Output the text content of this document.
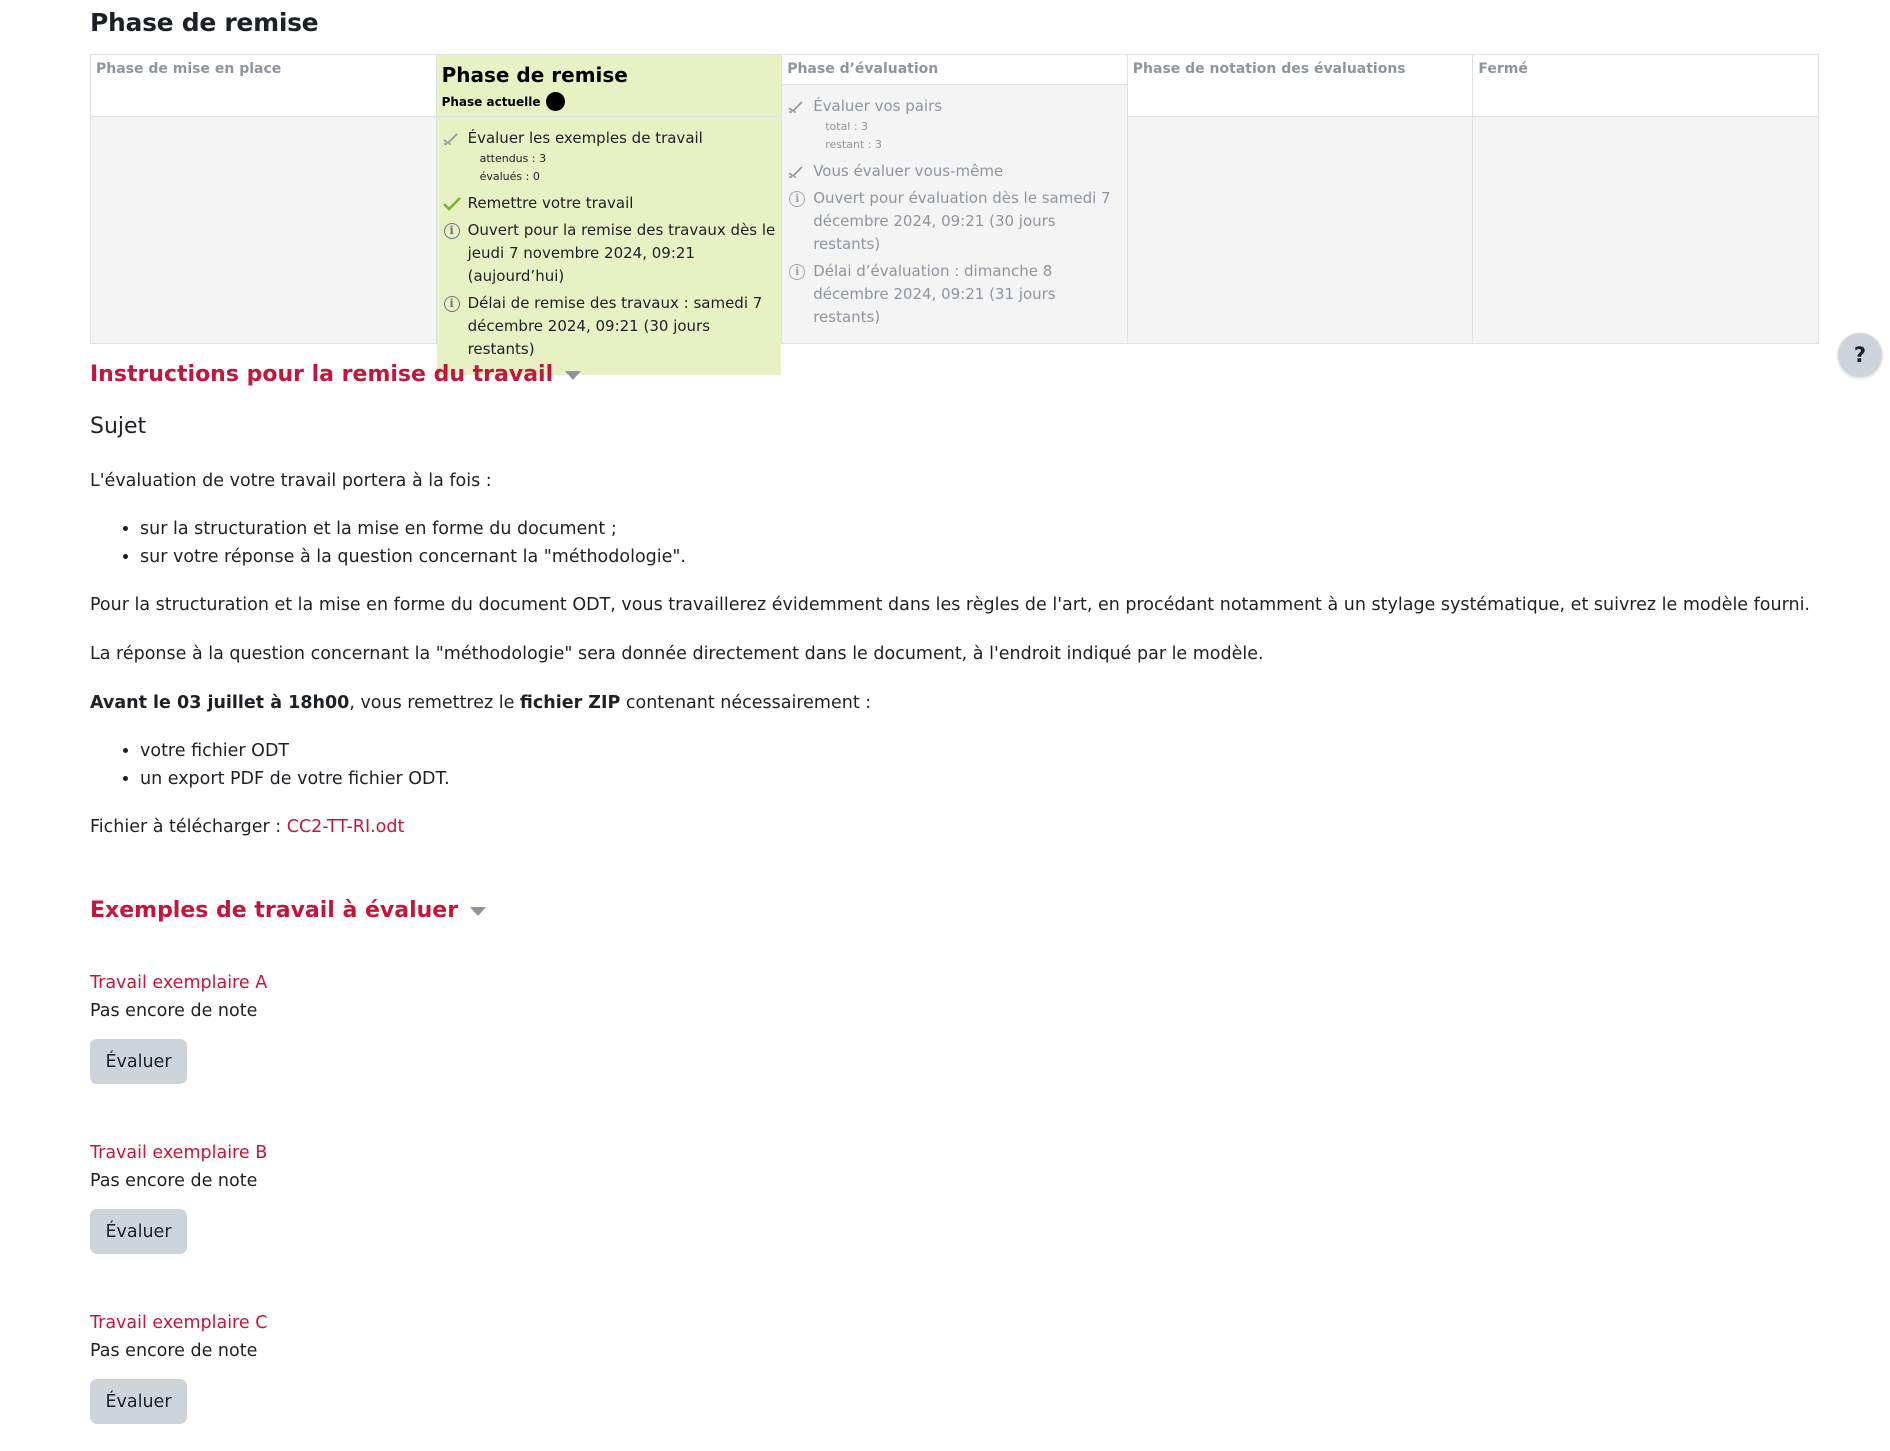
Phase de remise
Phase de mise en place	Phase de remise
Phase actuelle
Évaluer les exemples de travail
attendus : 3
évalués : 0
Remettre votre travail
i Ouvert pour la remise des travaux dès le jeudi 7 novembre 2024, 09:21 (aujourd’hui)
i Délai de remise des travaux : samedi 7 décembre 2024, 09:21 (30 jours restants)
Phase d’évaluation
Évaluer vos pairs
total : 3
restant : 3
Vous évaluer vous-même
i Ouvert pour évaluation dès le samedi 7 décembre 2024, 09:21 (30 jours restants)
i Délai d’évaluation : dimanche 8 décembre 2024, 09:21 (31 jours restants)
Phase de notation des évaluations	Fermé
Instructions pour la remise du travail
Sujet

L'évaluation de votre travail portera à la fois :

• sur la structuration et la mise en forme du document ;
• sur votre réponse à la question concernant la "méthodologie".

Pour la structuration et la mise en forme du document ODT, vous travaillerez évidemment dans les règles de l'art, en procédant notamment à un stylage systématique, et suivrez le modèle fourni.

La réponse à la question concernant la "méthodologie" sera donnée directement dans le document, à l'endroit indiqué par le modèle.

Avant le 03 juillet à 18h00, vous remettrez le fichier ZIP contenant nécessairement :

• votre fichier ODT
• un export PDF de votre fichier ODT.

Fichier à télécharger : CC2-TT-RI.odt

Exemples de travail à évaluer
Travail exemplaire A
Pas encore de note
Évaluer
Travail exemplaire B
Pas encore de note
Évaluer
Travail exemplaire C
Pas encore de note
Évaluer
?
